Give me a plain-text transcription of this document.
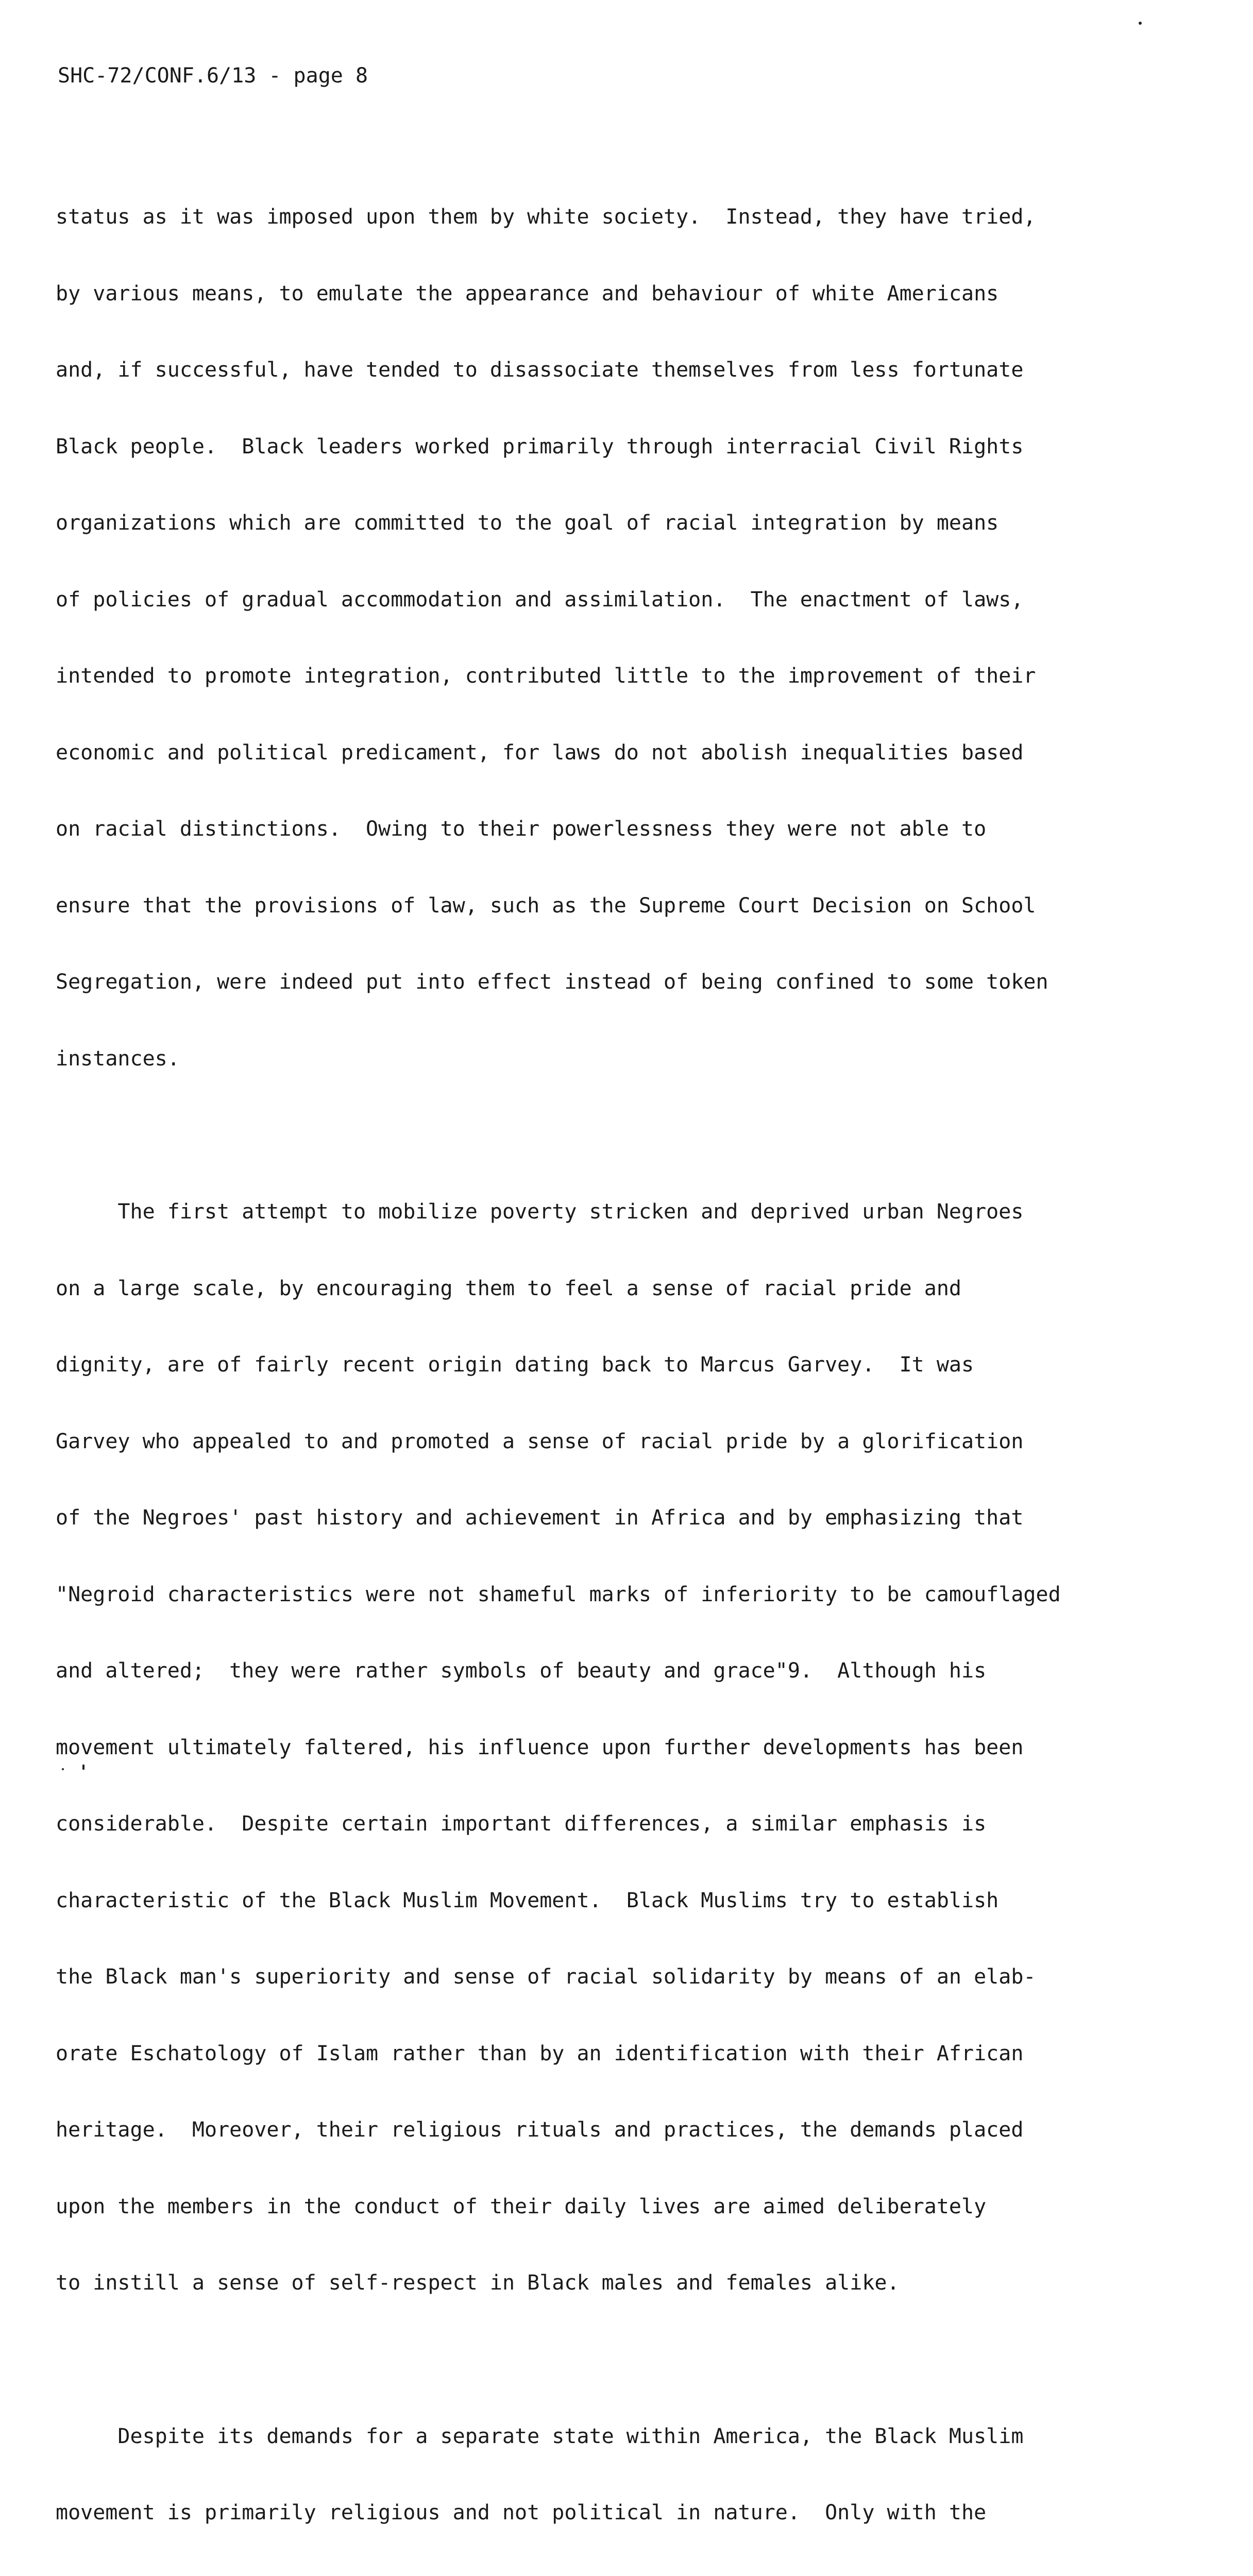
SHC-72/CONF.6/13 - page 8

status as it was imposed upon them by white society.  Instead, they have tried,

by various means, to emulate the appearance and behaviour of white Americans

and, if successful, have tended to disassociate themselves from less fortunate

Black people.  Black leaders worked primarily through interracial Civil Rights

organizations which are committed to the goal of racial integration by means

of policies of gradual accommodation and assimilation.  The enactment of laws,

intended to promote integration, contributed little to the improvement of their

economic and political predicament, for laws do not abolish inequalities based

on racial distinctions.  Owing to their powerlessness they were not able to

ensure that the provisions of law, such as the Supreme Court Decision on School

Segregation, were indeed put into effect instead of being confined to some token

instances.

The first attempt to mobilize poverty stricken and deprived urban Negroes

on a large scale, by encouraging them to feel a sense of racial pride and

dignity, are of fairly recent origin dating back to Marcus Garvey.  It was

Garvey who appealed to and promoted a sense of racial pride by a glorification

of the Negroes' past history and achievement in Africa and by emphasizing that

"Negroid characteristics were not shameful marks of inferiority to be camouflaged

and altered;  they were rather symbols of beauty and grace"9.  Although his

movement ultimately faltered, his influence upon further developments has been

considerable.  Despite certain important differences, a similar emphasis is

characteristic of the Black Muslim Movement.  Black Muslims try to establish

the Black man's superiority and sense of racial solidarity by means of an elab-

orate Eschatology of Islam rather than by an identification with their African

heritage.  Moreover, their religious rituals and practices, the demands placed

upon the members in the conduct of their daily lives are aimed deliberately

to instill a sense of self-respect in Black males and females alike.

Despite its demands for a separate state within America, the Black Muslim

movement is primarily religious and not political in nature.  Only with the
